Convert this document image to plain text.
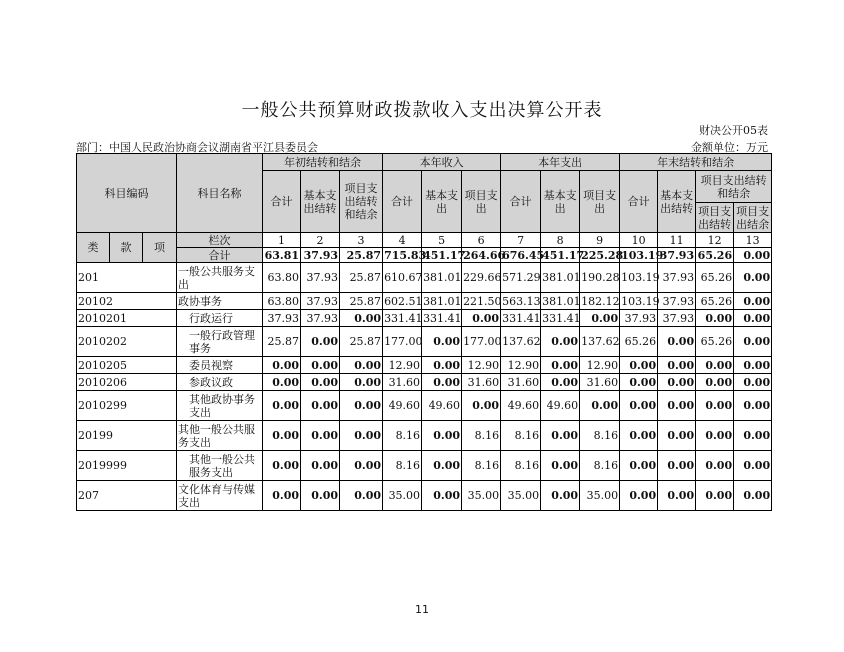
一般公共预算财政拨款收入支出决算公开表
财决公开05表
部门：中国人民政治协商会议湖南省平江县委员会	金额单位：万元
科目编码			科目名称	年初结转和结余			本年收入			本年支出			年末结转和结余			
				合计	基本支出结转	项目支出结转和结余	合计	基本支出	项目支出	合计	基本支出	项目支出	合计	基本支出结转	项目支出结转和结余	
															项目支出结转	项目支出结余

类	款	项	栏次	1	2	3	4	5	6	7	8	9	10	11	12	13
			合计	63.81	37.93	25.87	715.83	451.17	264.66	676.45	451.17	225.28	103.19	37.93	65.26	0.00
201			一般公共服务支出	63.80	37.93	25.87	610.67	381.01	229.66	571.29	381.01	190.28	103.19	37.93	65.26	0.00
20102			政协事务	63.80	37.93	25.87	602.51	381.01	221.50	563.13	381.01	182.12	103.19	37.93	65.26	0.00
2010201			行政运行	37.93	37.93	0.00	331.41	331.41	0.00	331.41	331.41	0.00	37.93	37.93	0.00	0.00
2010202			一般行政管理事务	25.87	0.00	25.87	177.00	0.00	177.00	137.62	0.00	137.62	65.26	0.00	65.26	0.00
2010205			委员视察	0.00	0.00	0.00	12.90	0.00	12.90	12.90	0.00	12.90	0.00	0.00	0.00	0.00
2010206			参政议政	0.00	0.00	0.00	31.60	0.00	31.60	31.60	0.00	31.60	0.00	0.00	0.00	0.00
2010299			其他政协事务支出	0.00	0.00	0.00	49.60	49.60	0.00	49.60	49.60	0.00	0.00	0.00	0.00	0.00
20199			其他一般公共服务支出	0.00	0.00	0.00	8.16	0.00	8.16	8.16	0.00	8.16	0.00	0.00	0.00	0.00
2019999			其他一般公共服务支出	0.00	0.00	0.00	8.16	0.00	8.16	8.16	0.00	8.16	0.00	0.00	0.00	0.00
207			文化体育与传媒支出	0.00	0.00	0.00	35.00	0.00	35.00	35.00	0.00	35.00	0.00	0.00	0.00	0.00
11
